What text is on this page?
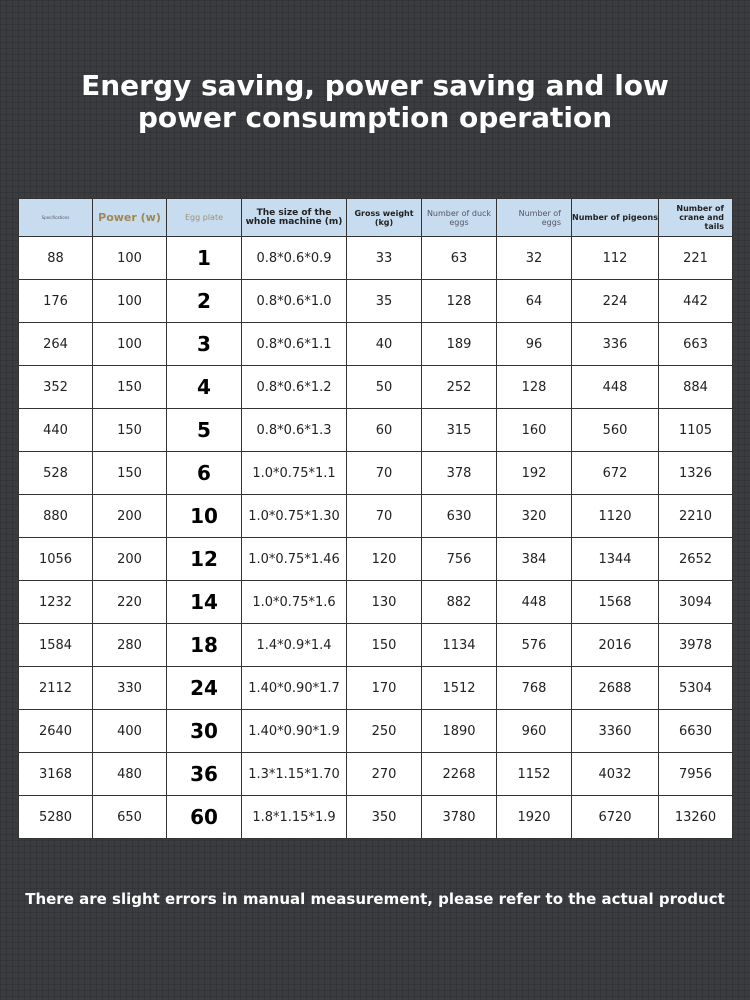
Energy saving, power saving and low
power consumption operation
Specifications	Power (w)	Egg plate	The size of the whole machine (m)	Gross weight (kg)	Number of duck eggs	Number of eggs	Number of pigeons	Number of crane and tails
88	100	1	0.8*0.6*0.9	33	63	32	112	221
176	100	2	0.8*0.6*1.0	35	128	64	224	442
264	100	3	0.8*0.6*1.1	40	189	96	336	663
352	150	4	0.8*0.6*1.2	50	252	128	448	884
440	150	5	0.8*0.6*1.3	60	315	160	560	1105
528	150	6	1.0*0.75*1.1	70	378	192	672	1326
880	200	10	1.0*0.75*1.30	70	630	320	1120	2210
1056	200	12	1.0*0.75*1.46	120	756	384	1344	2652
1232	220	14	1.0*0.75*1.6	130	882	448	1568	3094
1584	280	18	1.4*0.9*1.4	150	1134	576	2016	3978
2112	330	24	1.40*0.90*1.7	170	1512	768	2688	5304
2640	400	30	1.40*0.90*1.9	250	1890	960	3360	6630
3168	480	36	1.3*1.15*1.70	270	2268	1152	4032	7956
5280	650	60	1.8*1.15*1.9	350	3780	1920	6720	13260
There are slight errors in manual measurement, please refer to the actual product
